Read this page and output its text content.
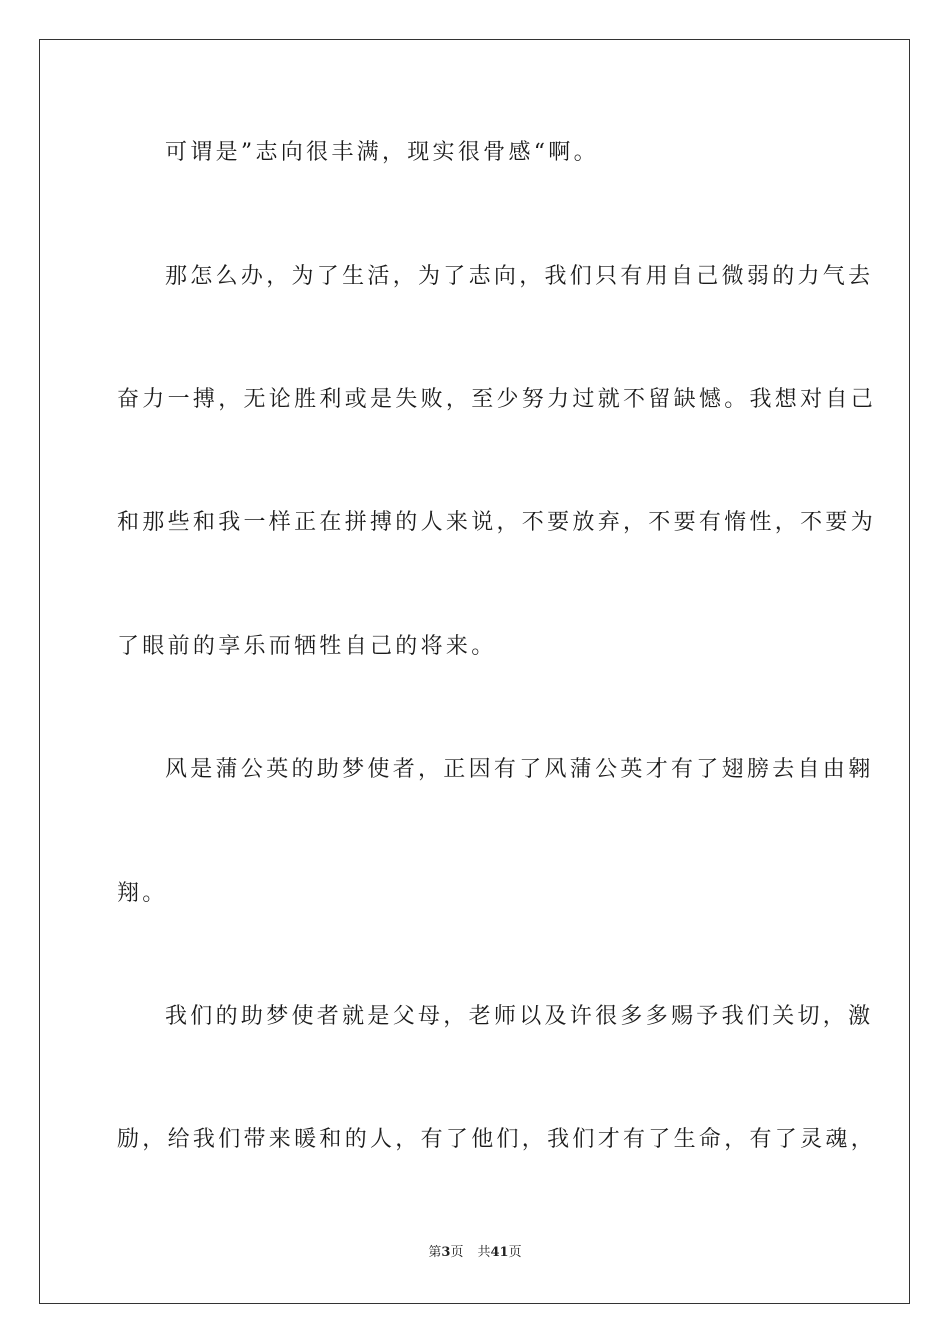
可谓是”志向很丰满，现实很骨感“啊。
那怎么办，为了生活，为了志向，我们只有用自己微弱的力气去
奋力一搏，无论胜利或是失败，至少努力过就不留缺憾。我想对自己
和那些和我一样正在拼搏的人来说，不要放弃，不要有惰性，不要为
了眼前的享乐而牺牲自己的将来。
风是蒲公英的助梦使者，正因有了风蒲公英才有了翅膀去自由翱
翔。
我们的助梦使者就是父母，老师以及许很多多赐予我们关切，激
励，给我们带来暖和的人，有了他们，我们才有了生命，有了灵魂，
第3页 共41页
